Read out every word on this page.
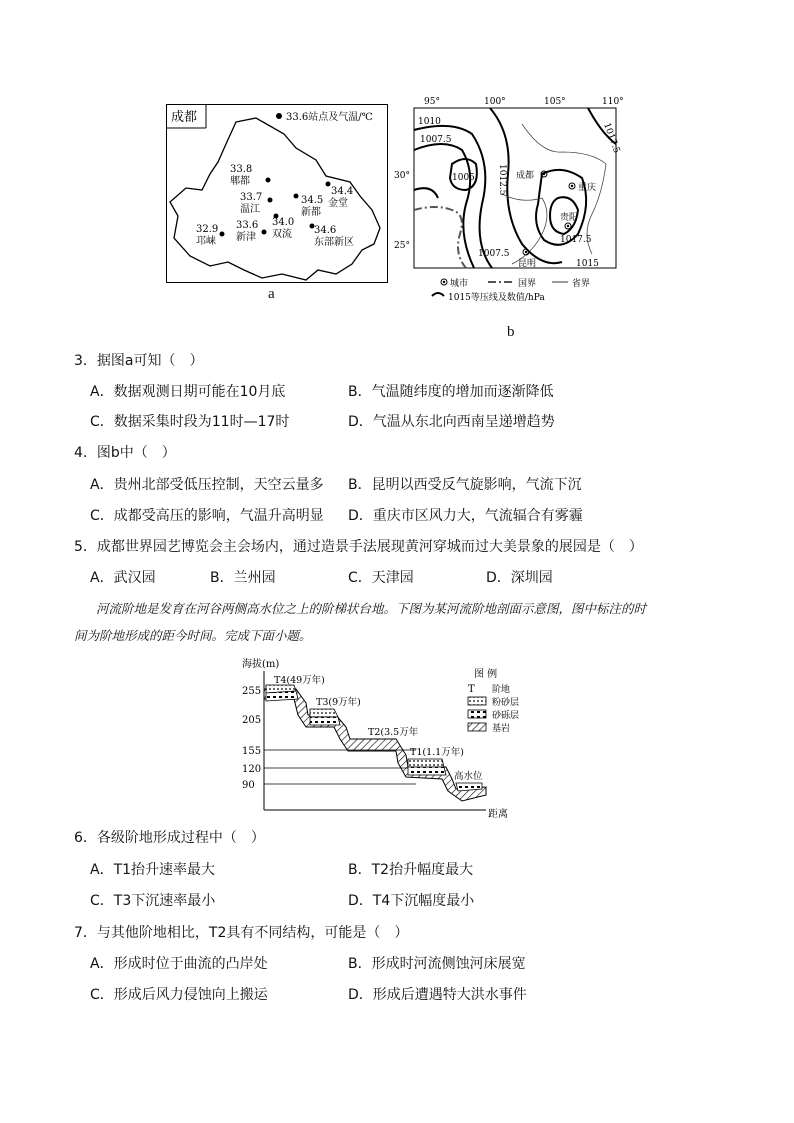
成都	33.6站点及气温/℃
33.8
郫都
33.7
温江
34.5
新都
34.4
金堂
34.0
双流
33.6
新津
32.9
邛崃
34.6
东部新区
a
95°	100°	105°	110°
30°
25°
1010
1007.5
1005 1012.5
1017.5
1017.5
1007.5
1015
成都
重庆
贵阳
昆明
城市	国界	省界
1015等压线及数值/hPa
b
3．据图a可知（　）
A．数据观测日期可能在10月底	B．气温随纬度的增加而逐渐降低
C．数据采集时段为11时—17时	D．气温从东北向西南呈递增趋势
4．图b中（　）
A．贵州北部受低压控制，天空云量多 B．昆明以西受反气旋影响，气流下沉
C．成都受高压的影响，气温升高明显 D．重庆市区风力大，气流辐合有雾霾
5．成都世界园艺博览会主会场内，通过造景手法展现黄河穿城而过大美景象的展园是（　）
A．武汉园	B．兰州园	C．天津园	D．深圳园
河流阶地是发育在河谷两侧高水位之上的阶梯状台地。下图为某河流阶地剖面示意图，图中标注的时
间为阶地形成的距今时间。完成下面小题。
海拔(m)
距离
255
205
155
120
90
T4(49万年)
T3(9万年)
T2(3.5万年
T1(1.1万年)
高水位
图 例
T 阶地
粉砂层
砂砾层
基岩
6．各级阶地形成过程中（　）
A．T1抬升速率最大	B．T2抬升幅度最大
C．T3下沉速率最小	D．T4下沉幅度最小
7．与其他阶地相比，T2具有不同结构，可能是（　）
A．形成时位于曲流的凸岸处	B．形成时河流侧蚀河床展宽
C．形成后风力侵蚀向上搬运	D．形成后遭遇特大洪水事件
